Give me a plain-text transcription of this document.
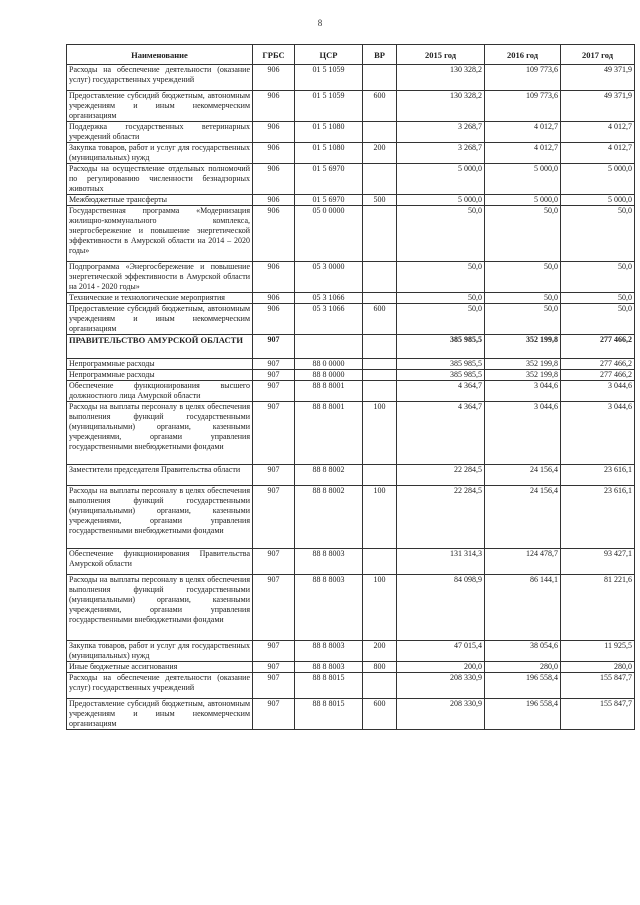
8
Наименование	ГРБС	ЦСР	ВР	2015 год	2016 год	2017 год
Расходы на обеспечение деятельности (оказание услуг) государственных учреждений	906	01 5 1059		130 328,2	109 773,6	49 371,9
Предоставление субсидий бюджетным, автономным учреждениям и иным некоммерческим организациям	906	01 5 1059	600	130 328,2	109 773,6	49 371,9
Поддержка государственных ветеринарных учреждений области	906	01 5 1080		3 268,7	4 012,7	4 012,7
Закупка товаров, работ и услуг для государственных (муниципальных) нужд	906	01 5 1080	200	3 268,7	4 012,7	4 012,7
Расходы на осуществление отдельных полномочий по регулированию численности безнадзорных животных	906	01 5 6970		5 000,0	5 000,0	5 000,0
Межбюджетные трансферты	906	01 5 6970	500	5 000,0	5 000,0	5 000,0
Государственная программа «Модернизация жилищно-коммунального комплекса, энергосбережение и повышение энергетической эффективности в Амурской области на 2014 – 2020 годы»	906	05 0 0000		50,0	50,0	50,0
Подпрограмма «Энергосбережение и повышение энергетической эффективности в Амурской области на 2014 - 2020 годы»	906	05 3 0000		50,0	50,0	50,0
Технические и технологические мероприятия	906	05 3 1066		50,0	50,0	50,0
Предоставление субсидий бюджетным, автономным учреждениям и иным некоммерческим организациям	906	05 3 1066	600	50,0	50,0	50,0
ПРАВИТЕЛЬСТВО АМУРСКОЙ ОБЛАСТИ	907			385 985,5	352 199,8	277 466,2
Непрограммные расходы	907	88 0 0000		385 985,5	352 199,8	277 466,2
Непрограммные расходы	907	88 8 0000		385 985,5	352 199,8	277 466,2
Обеспечение функционирования высшего должностного лица Амурской области	907	88 8 8001		4 364,7	3 044,6	3 044,6
Расходы на выплаты персоналу в целях обеспечения выполнения функций государственными (муниципальными) органами, казенными учреждениями, органами управления государственными внебюджетными фондами	907	88 8 8001	100	4 364,7	3 044,6	3 044,6
Заместители председателя Правительства области	907	88 8 8002		22 284,5	24 156,4	23 616,1
Расходы на выплаты персоналу в целях обеспечения выполнения функций государственными (муниципальными) органами, казенными учреждениями, органами управления государственными внебюджетными фондами	907	88 8 8002	100	22 284,5	24 156,4	23 616,1
Обеспечение функционирования Правительства Амурской области	907	88 8 8003		131 314,3	124 478,7	93 427,1
Расходы на выплаты персоналу в целях обеспечения выполнения функций государственными (муниципальными) органами, казенными учреждениями, органами управления государственными внебюджетными фондами	907	88 8 8003	100	84 098,9	86 144,1	81 221,6
Закупка товаров, работ и услуг для государственных (муниципальных) нужд	907	88 8 8003	200	47 015,4	38 054,6	11 925,5
Иные бюджетные ассигнования	907	88 8 8003	800	200,0	280,0	280,0
Расходы на обеспечение деятельности (оказание услуг) государственных учреждений	907	88 8 8015		208 330,9	196 558,4	155 847,7
Предоставление субсидий бюджетным, автономным учреждениям и иным некоммерческим организациям	907	88 8 8015	600	208 330,9	196 558,4	155 847,7
